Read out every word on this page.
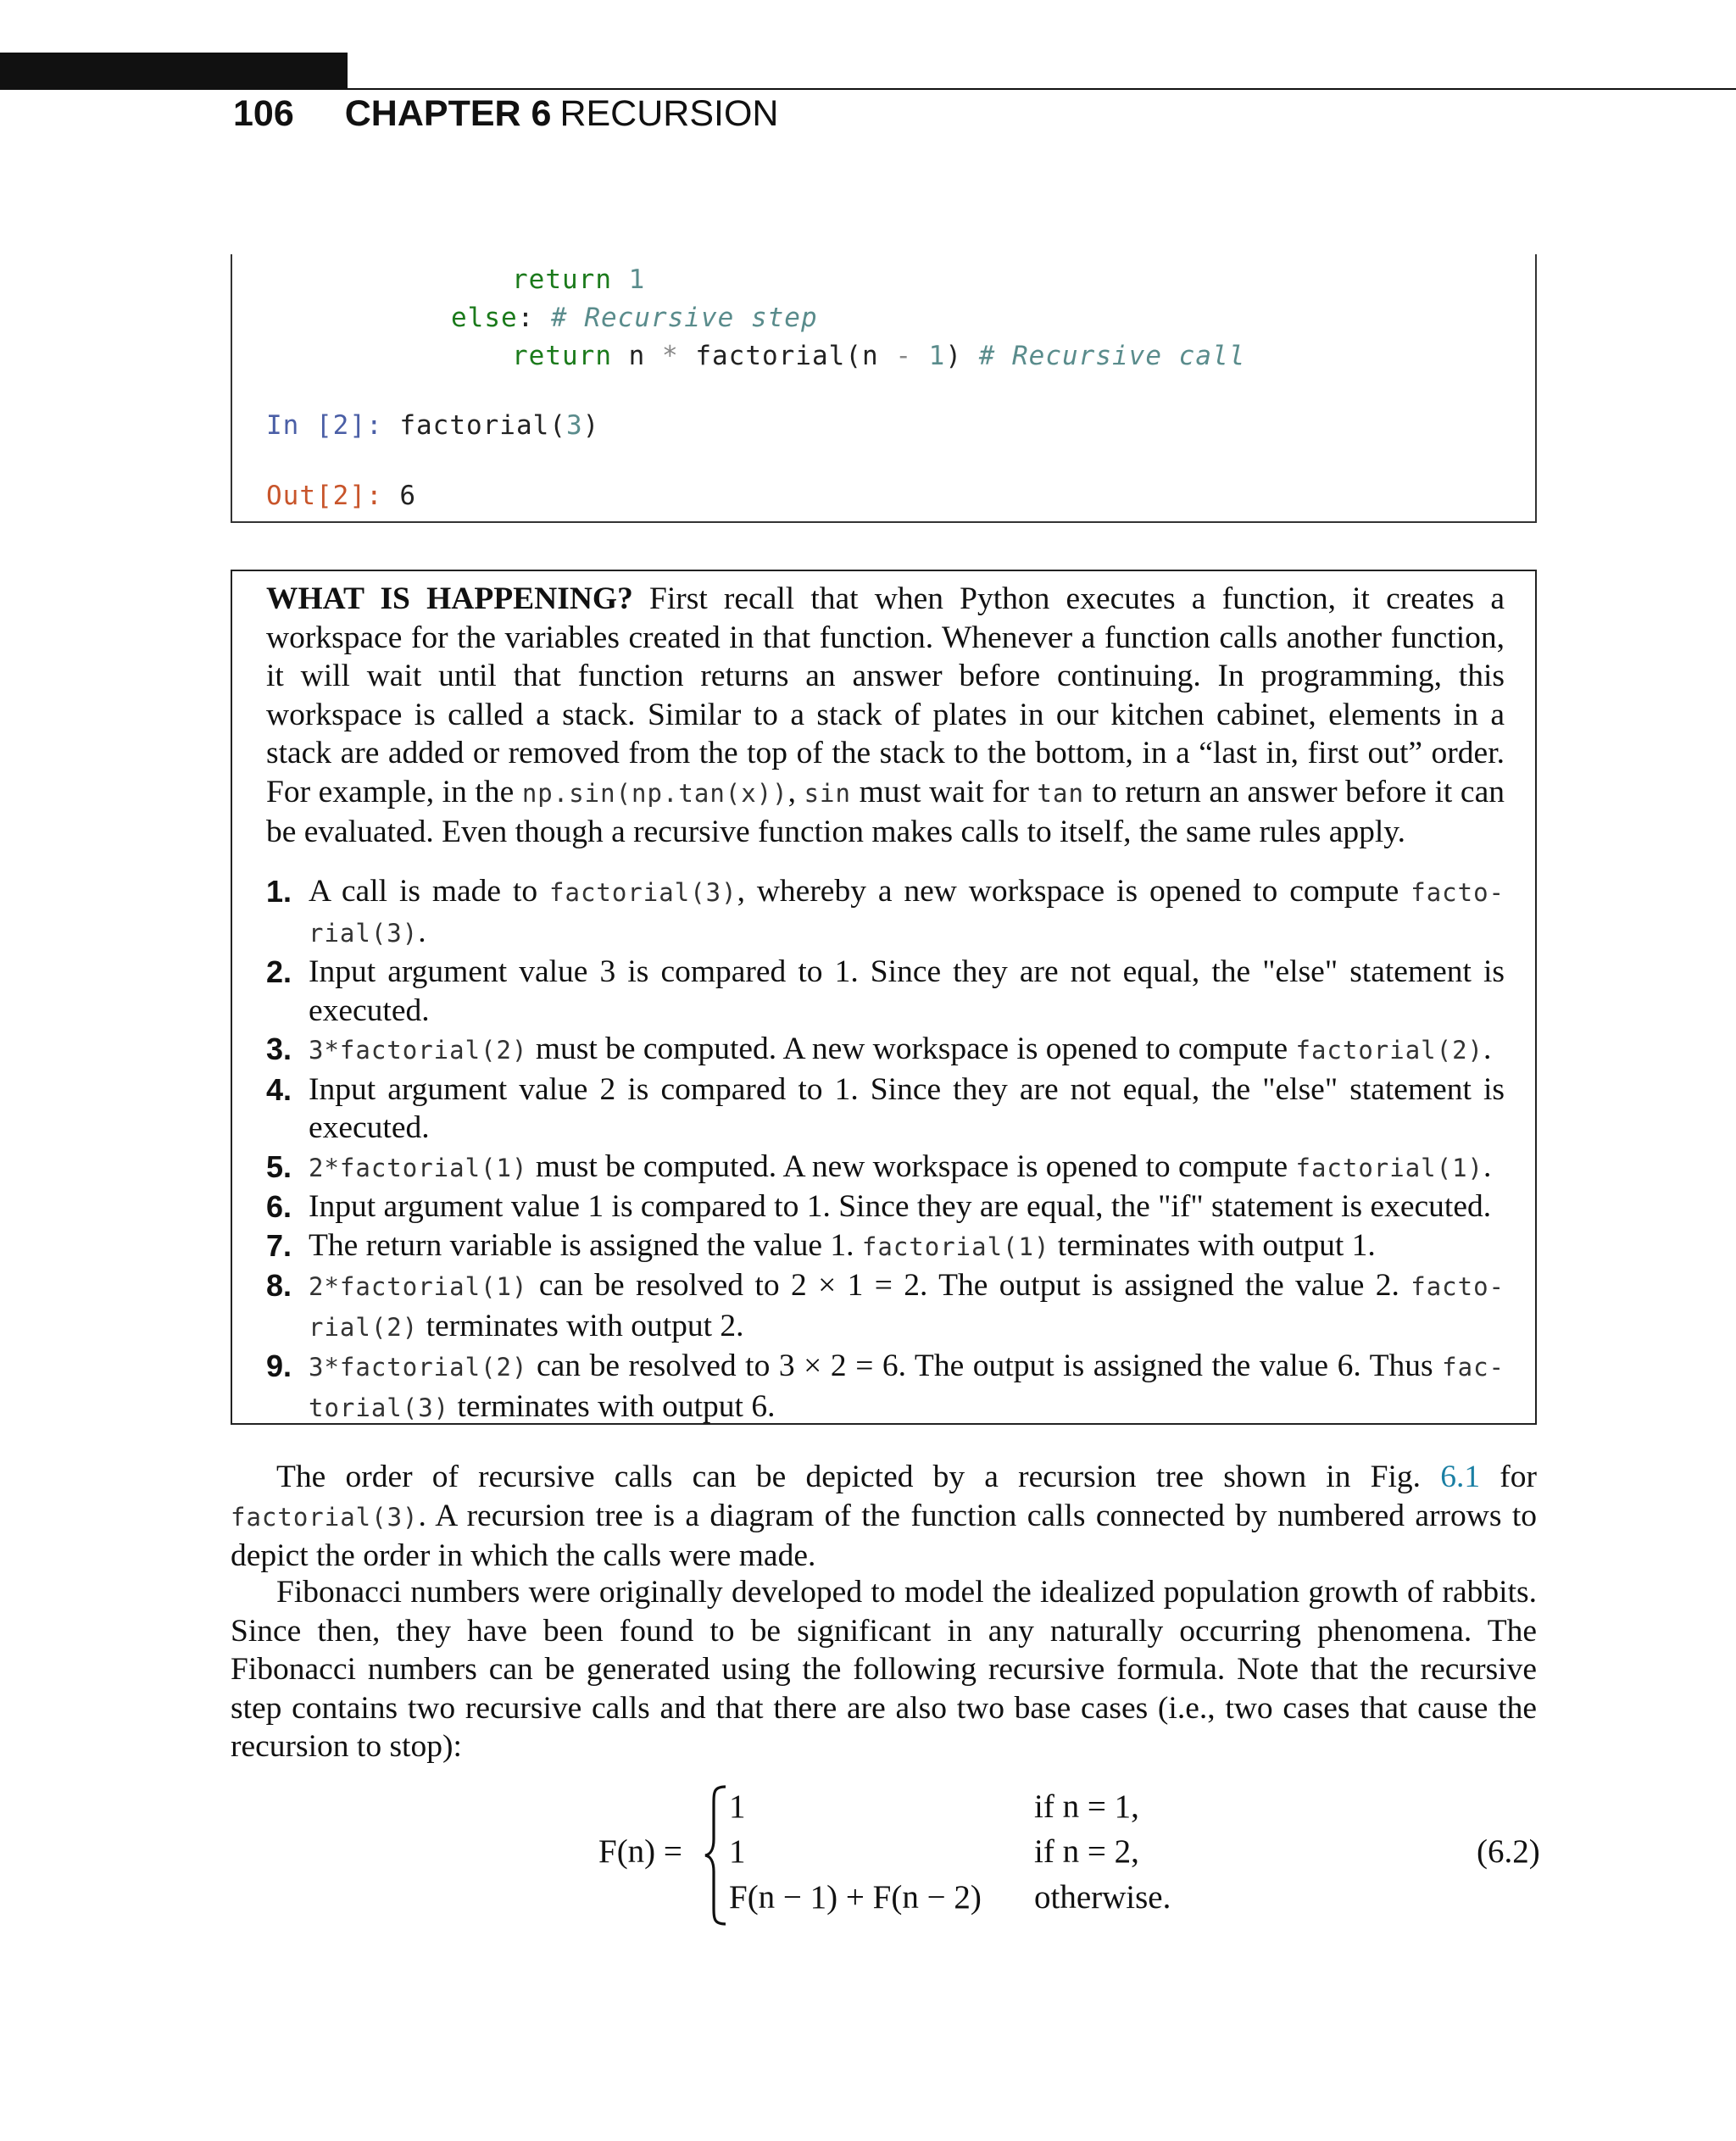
106 CHAPTER 6 RECURSION
return 1
else: # Recursive step
return n * factorial(n - 1) # Recursive call
In [2]: factorial(3)
Out[2]: 6
WHAT IS HAPPENING? First recall that when Python executes a function, it creates a workspace for the variables created in that function. Whenever a function calls another function, it will wait until that function returns an answer before continuing. In programming, this workspace is called a stack. Similar to a stack of plates in our kitchen cabinet, elements in a stack are added or removed from the top of the stack to the bottom, in a “last in, first out” order. For example, in the np.sin(np.tan(x)), sin must wait for tan to return an answer before it can be evaluated. Even though a recursive function makes calls to itself, the same rules apply.
1. A call is made to factorial(3), whereby a new workspace is opened to compute facto-rial(3).
2. Input argument value 3 is compared to 1. Since they are not equal, the "else" statement is executed.
3. 3*factorial(2) must be computed. A new workspace is opened to compute factorial(2).
4. Input argument value 2 is compared to 1. Since they are not equal, the "else" statement is executed.
5. 2*factorial(1) must be computed. A new workspace is opened to compute factorial(1).
6. Input argument value 1 is compared to 1. Since they are equal, the "if" statement is executed.
7. The return variable is assigned the value 1. factorial(1) terminates with output 1.
8. 2*factorial(1) can be resolved to 2 × 1 = 2. The output is assigned the value 2. facto-rial(2) terminates with output 2.
9. 3*factorial(2) can be resolved to 3 × 2 = 6. The output is assigned the value 6. Thus fac-torial(3) terminates with output 6.
The order of recursive calls can be depicted by a recursion tree shown in Fig. 6.1 for factorial(3). A recursion tree is a diagram of the function calls connected by numbered arrows to depict the order in which the calls were made.
Fibonacci numbers were originally developed to model the idealized population growth of rabbits. Since then, they have been found to be significant in any naturally occurring phenomena. The Fibonacci numbers can be generated using the following recursive formula. Note that the recursive step contains two recursive calls and that there are also two base cases (i.e., two cases that cause the recursion to stop):
F(n) =
1	if n = 1,
1	if n = 2,
F(n − 1) + F(n − 2) otherwise.
(6.2)
